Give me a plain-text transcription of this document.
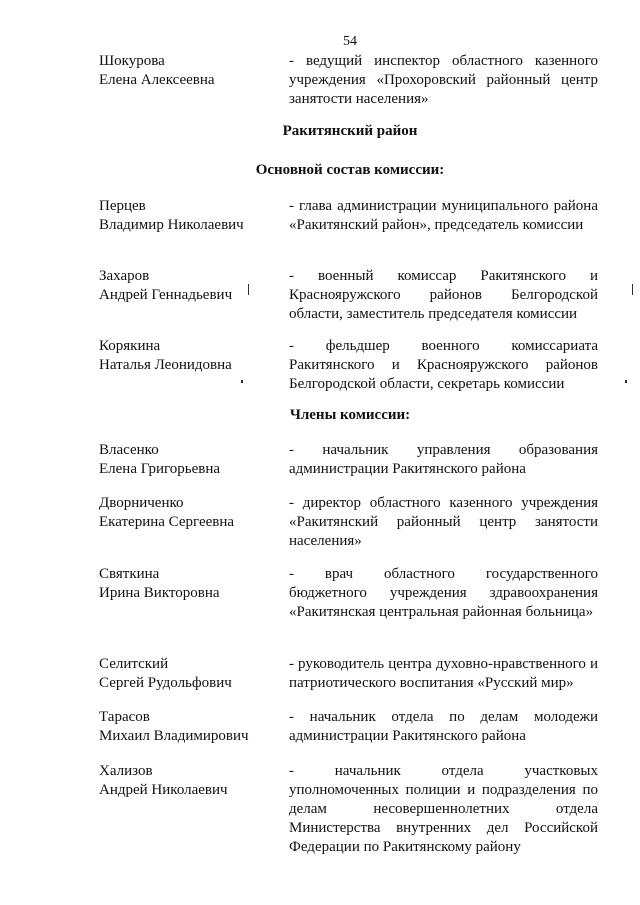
54
Шокурова
Елена Алексеевна
- ведущий инспектор областного казенного учреждения «Прохоровский районный центр занятости населения»
Ракитянский район
Основной состав комиссии:
Перцев
Владимир Николаевич
- глава администрации муниципального района «Ракитянский район», председатель комиссии
Захаров
Андрей Геннадьевич
- военный комиссар Ракитянского и Краснояружского районов Белгородской области, заместитель председателя комиссии
Корякина
Наталья Леонидовна
- фельдшер военного комиссариата Ракитянского и Краснояружского районов Белгородской области, секретарь комиссии
Члены комиссии:
Власенко
Елена Григорьевна
- начальник управления образования администрации Ракитянского района
Дворниченко
Екатерина Сергеевна
- директор областного казенного учреждения «Ракитянский районный центр занятости населения»
Святкина
Ирина Викторовна
- врач областного государственного бюджетного учреждения здравоохранения «Ракитянская центральная районная больница»
Селитский
Сергей Рудольфович
- руководитель центра духовно-нравственного и патриотического воспитания «Русский мир»
Тарасов
Михаил Владимирович
- начальник отдела по делам молодежи администрации Ракитянского района
Хализов
Андрей Николаевич
- начальник отдела участковых уполномоченных полиции и подразделения по делам несовершеннолетних отдела Министерства внутренних дел Российской Федерации по Ракитянскому району
